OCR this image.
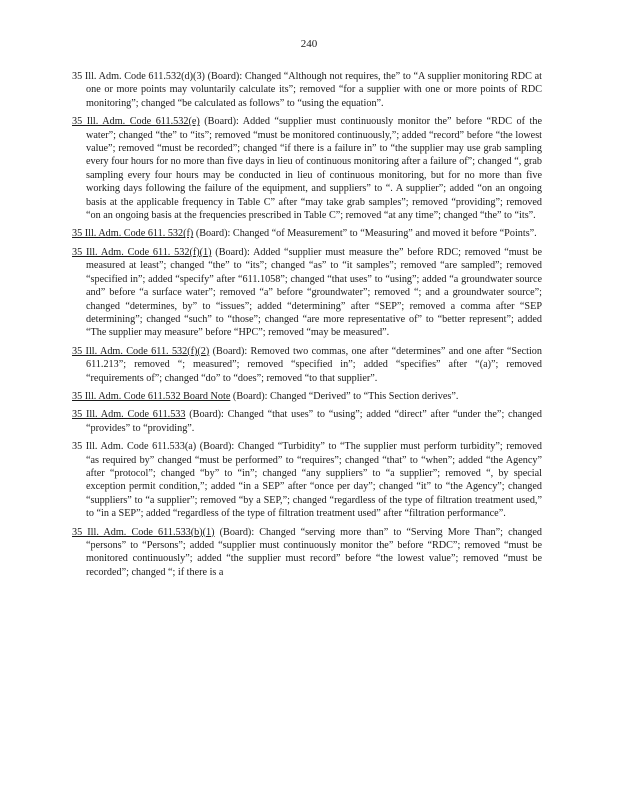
240

35 Ill. Adm. Code 611.532(d)(3) (Board): Changed “Although not requires, the” to “A supplier monitoring RDC at one or more points may voluntarily calculate its”; removed “for a supplier with one or more points of RDC monitoring”; changed “be calculated as follows” to “using the equation”.

35 Ill. Adm. Code 611.532(e) (Board): Added “supplier must continuously monitor the” before “RDC of the water”; changed “the” to “its”; removed “must be monitored continuously,”; added “record” before “the lowest value”; removed “must be recorded”; changed “if there is a failure in” to “the supplier may use grab sampling every four hours for no more than five days in lieu of continuous monitoring after a failure of”; changed “, grab sampling every four hours may be conducted in lieu of continuous monitoring, but for no more than five working days following the failure of the equipment, and suppliers” to “. A supplier”; added “on an ongoing basis at the applicable frequency in Table C” after “may take grab samples”; removed “providing”; removed “on an ongoing basis at the frequencies prescribed in Table C”; removed “at any time”; changed “the” to “its”.

35 Ill. Adm. Code 611. 532(f) (Board): Changed “of Measurement” to “Measuring” and moved it before “Points”.

35 Ill. Adm. Code 611. 532(f)(1) (Board): Added “supplier must measure the” before RDC; removed “must be measured at least”; changed “the” to “its”; changed “as” to “it samples”; removed “are sampled”; removed “specified in”; added “specify” after “611.1058”; changed “that uses” to “using”; added “a groundwater source and” before “a surface water”; removed “a” before “groundwater”; removed “; and a groundwater source”; changed “determines, by” to “issues”; added “determining” after “SEP”; removed a comma after “SEP determining”; changed “such” to “those”; changed “are more representative of” to “better represent”; added “The supplier may measure” before “HPC”; removed “may be measured”.

35 Ill. Adm. Code 611. 532(f)(2) (Board): Removed two commas, one after “determines” and one after “Section 611.213”; removed “; measured”; removed “specified in”; added “specifies” after “(a)”; removed “requirements of”; changed “do” to “does”; removed “to that supplier”.

35 Ill. Adm. Code 611.532 Board Note (Board): Changed “Derived” to “This Section derives”.

35 Ill. Adm. Code 611.533 (Board): Changed “that uses” to “using”; added “direct” after “under the”; changed “provides” to “providing”.

35 Ill. Adm. Code 611.533(a) (Board): Changed “Turbidity” to “The supplier must perform turbidity”; removed “as required by” changed “must be performed” to “requires”; changed “that” to “when”; added “the Agency” after “protocol”; changed “by” to “in”; changed “any suppliers” to “a supplier”; removed “, by special exception permit condition,”; added “in a SEP” after “once per day”; changed “it” to “the Agency”; changed “suppliers” to “a supplier”; removed “by a SEP,”; changed “regardless of the type of filtration treatment used,” to “in a SEP”; added “regardless of the type of filtration treatment used” after “filtration performance”.

35 Ill. Adm. Code 611.533(b)(1) (Board): Changed “serving more than” to “Serving More Than”; changed “persons” to “Persons”; added “supplier must continuously monitor the” before “RDC”; removed “must be monitored continuously”; added “the supplier must record” before “the lowest value”; removed “must be recorded”; changed “; if there is a
